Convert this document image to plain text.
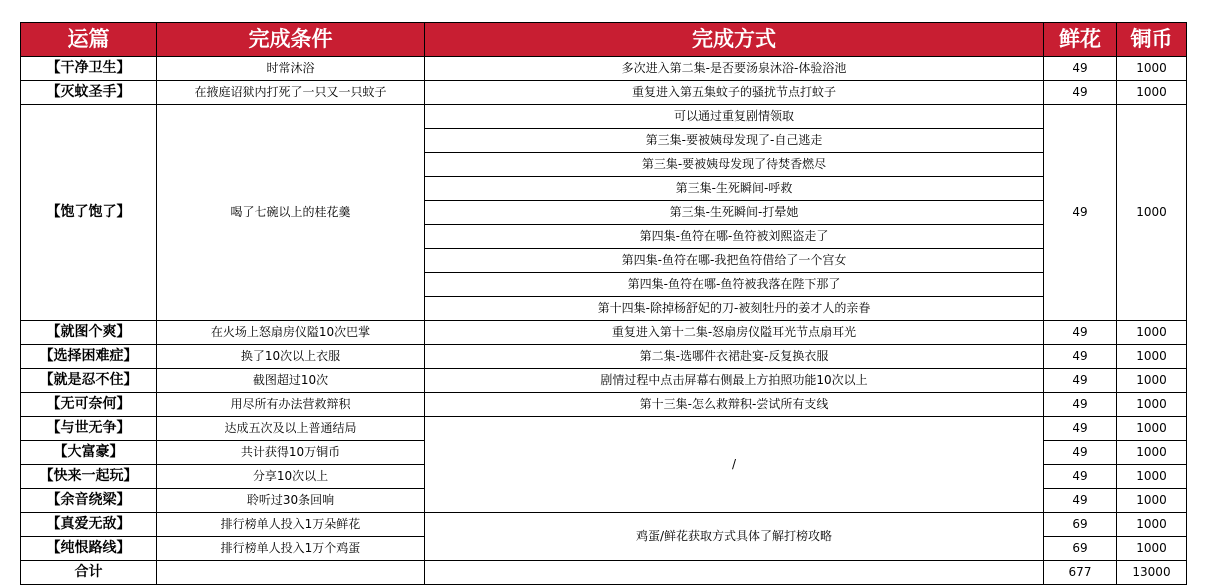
运篇	完成条件	完成方式	鲜花	铜币
【干净卫生】	时常沐浴	多次进入第二集-是否要汤泉沐浴-体验浴池	49	1000
【灭蚊圣手】	在掖庭诏狱内打死了一只又一只蚊子	重复进入第五集蚊子的骚扰节点打蚊子	49	1000
【饱了饱了】	喝了七碗以上的桂花羹	可以通过重复剧情领取	49	1000
		第三集-要被姨母发现了-自己逃走		
		第三集-要被姨母发现了待焚香燃尽		
		第三集-生死瞬间-呼救		
		第三集-生死瞬间-打晕她		
		第四集-鱼符在哪-鱼符被刘熙盗走了		
		第四集-鱼符在哪-我把鱼符借给了一个宫女		
		第四集-鱼符在哪-鱼符被我落在陛下那了		
		第十四集-除掉杨舒妃的刀-被刻牡丹的姜才人的亲眷		
【就图个爽】	在火场上怒扇房仪隘10次巴掌	重复进入第十二集-怒扇房仪隘耳光节点扇耳光	49	1000
【选择困难症】	换了10次以上衣服	第二集-选哪件衣裙赴宴-反复换衣服	49	1000
【就是忍不住】	截图超过10次	剧情过程中点击屏幕右侧最上方拍照功能10次以上	49	1000
【无可奈何】	用尽所有办法营救辩积	第十三集-怎么救辩积-尝试所有支线	49	1000
【与世无争】	达成五次及以上普通结局	/	49	1000
【大富豪】	共计获得10万铜币		49	1000
【快来一起玩】	分享10次以上		49	1000
【余音绕梁】	聆听过30条回响		49	1000
【真爱无敌】	排行榜单人投入1万朵鲜花	鸡蛋/鲜花获取方式具体了解打榜攻略	69	1000
【纯恨路线】	排行榜单人投入1万个鸡蛋		69	1000
合计			677	13000
